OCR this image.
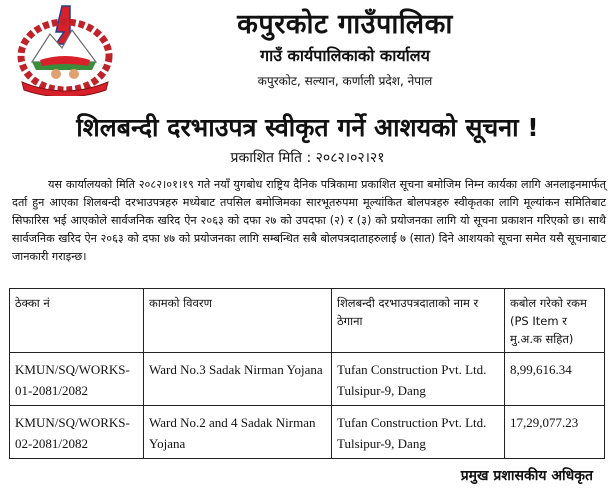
कपुरकोट गाउँपालिका
गाउँ कार्यपालिकाको कार्यालय
कपुरकोट, सल्यान, कर्णाली प्रदेश, नेपाल
शिलबन्दी दरभाउपत्र स्वीकृत गर्ने आशयको सूचना !
प्रकाशित मिति : २०८२।०२।२१
यस कार्यालयको मिति २०८२।०१।१९ गते नयाँ युगबोध राष्ट्रिय दैनिक पत्रिकामा प्रकाशित सूचना बमोजिम निम्न कार्यका लागि अनलाइनमार्फत् दर्ता हुन आएका शिलबन्दी दरभाउपत्रहरु मध्येबाट तपसिल बमोजिमका सारभूतरुपमा मूल्यांकित बोलपत्रहरु स्वीकृतका लागि मूल्यांकन समितिबाट सिफारिस भई आएकोले सार्वजनिक खरिद ऐन २०६३ को दफा २७ को उपदफा (२) र (३) को प्रयोजनका लागि यो सूचना प्रकाशन गरिएको छ। साथै सार्वजनिक खरिद ऐन २०६३ को दफा ४७ को प्रयोजनका लागि सम्बन्धित सबै बोलपत्रदाताहरुलाई ७ (सात) दिने आशयको सूचना समेत यसै सूचनाबाट जानकारी गराइन्छ।
ठेक्का नं	कामको विवरण	शिलबन्दी दरभाउपत्रदाताको नाम र ठेगाना	कबोल गरेको रकम (PS Item र मु.अ.क सहित)
KMUN/SQ/WORKS-01-2081/2082	Ward No.3 Sadak Nirman Yojana	Tufan Construction Pvt. Ltd. Tulsipur-9, Dang	8,99,616.34
KMUN/SQ/WORKS-02-2081/2082	Ward No.2 and 4 Sadak Nirman Yojana	Tufan Construction Pvt. Ltd. Tulsipur-9, Dang	17,29,077.23
प्रमुख प्रशासकीय अधिकृत
